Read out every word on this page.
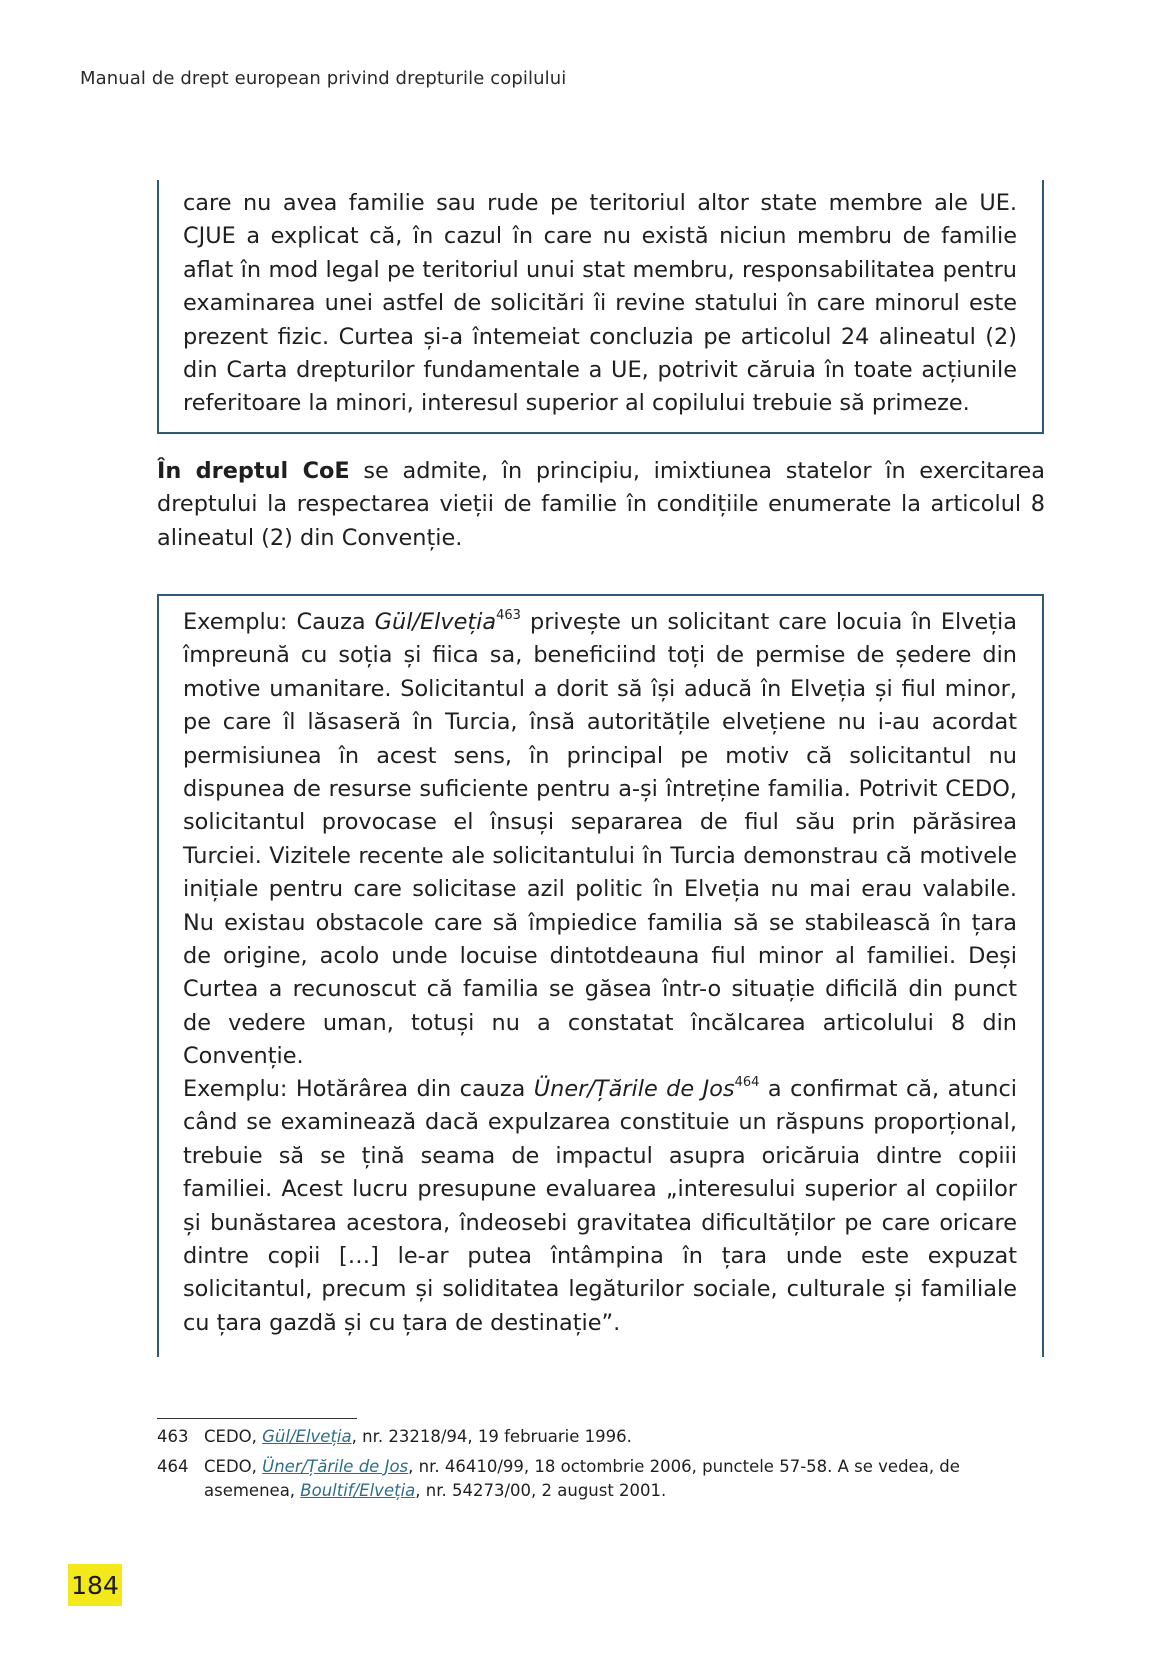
Manual de drept european privind drepturile copilului

care nu avea familie sau rude pe teritoriul altor state membre ale UE. CJUE a explicat că, în cazul în care nu există niciun membru de familie aflat în mod legal pe teritoriul unui stat membru, responsabilitatea pentru examinarea unei astfel de solicitări îi revine statului în care minorul este prezent fizic. Curtea și-a întemeiat concluzia pe articolul 24 alineatul (2) din Carta drepturilor fundamentale a UE, potrivit căruia în toate acțiunile referitoare la minori, interesul superior al copilului trebuie să primeze.

În dreptul CoE se admite, în principiu, imixtiunea statelor în exercitarea dreptului la respectarea vieții de familie în condițiile enumerate la articolul 8 alineatul (2) din Convenție.

Exemplu: Cauza Gül/Elveția$^{463}$ privește un solicitant care locuia în Elveția împreună cu soția și fiica sa, beneficiind toți de permise de ședere din motive umanitare. Solicitantul a dorit să își aducă în Elveția și fiul minor, pe care îl lăsaseră în Turcia, însă autoritățile elvețiene nu i-au acordat permisiunea în acest sens, în principal pe motiv că solicitantul nu dispunea de resurse suficiente pentru a-și întreține familia. Potrivit CEDO, solicitantul provocase el însuși separarea de fiul său prin părăsirea Turciei. Vizitele recente ale solicitantului în Turcia demonstrau că motivele inițiale pentru care solicitase azil politic în Elveția nu mai erau valabile. Nu existau obstacole care să împiedice familia să se stabilească în țara de origine, acolo unde locuise dintotdeauna fiul minor al familiei. Deși Curtea a recunoscut că familia se găsea într-o situație dificilă din punct de vedere uman, totuși nu a constatat încălcarea articolului 8 din Convenție.

Exemplu: Hotărârea din cauza Üner/Țările de Jos$^{464}$ a confirmat că, atunci când se examinează dacă expulzarea constituie un răspuns proporțional, trebuie să se țină seama de impactul asupra oricăruia dintre copiii familiei. Acest lucru presupune evaluarea „interesului superior al copiilor și bunăstarea acestora, îndeosebi gravitatea dificultăților pe care oricare dintre copii […] le-ar putea întâmpina în țara unde este expuzat solicitantul, precum și soliditatea legăturilor sociale, culturale și familiale cu țara gazdă și cu țara de destinație”.

463 CEDO, Gül/Elveția, nr. 23218/94, 19 februarie 1996.
464 CEDO, Üner/Țările de Jos, nr. 46410/99, 18 octombrie 2006, punctele 57-58. A se vedea, de asemenea, Boultif/Elveția, nr. 54273/00, 2 august 2001.
184
